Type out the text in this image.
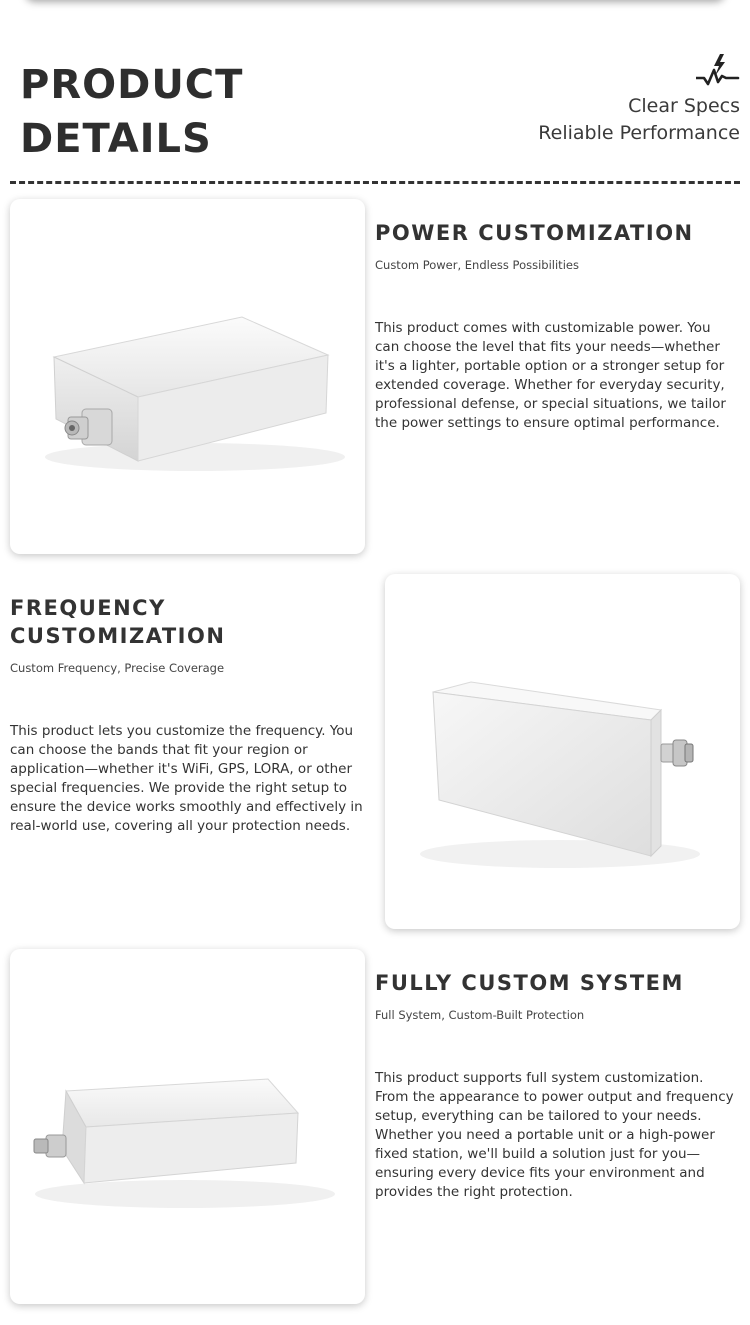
PRODUCT
DETAILS
Clear Specs
Reliable Performance
POWER CUSTOMIZATION

Custom Power, Endless Possibilities

This product comes with customizable power. You can choose the level that fits your needs—whether it's a lighter, portable option or a stronger setup for extended coverage. Whether for everyday security, professional defense, or special situations, we tailor the power settings to ensure optimal performance.

FREQUENCY CUSTOMIZATION

Custom Frequency, Precise Coverage

This product lets you customize the frequency. You can choose the bands that fit your region or application—whether it's WiFi, GPS, LORA, or other special frequencies. We provide the right setup to ensure the device works smoothly and effectively in real-world use, covering all your protection needs.

FULLY CUSTOM SYSTEM

Full System, Custom-Built Protection

This product supports full system customization. From the appearance to power output and frequency setup, everything can be tailored to your needs. Whether you need a portable unit or a high-power fixed station, we'll build a solution just for you—ensuring every device fits your environment and provides the right protection.
